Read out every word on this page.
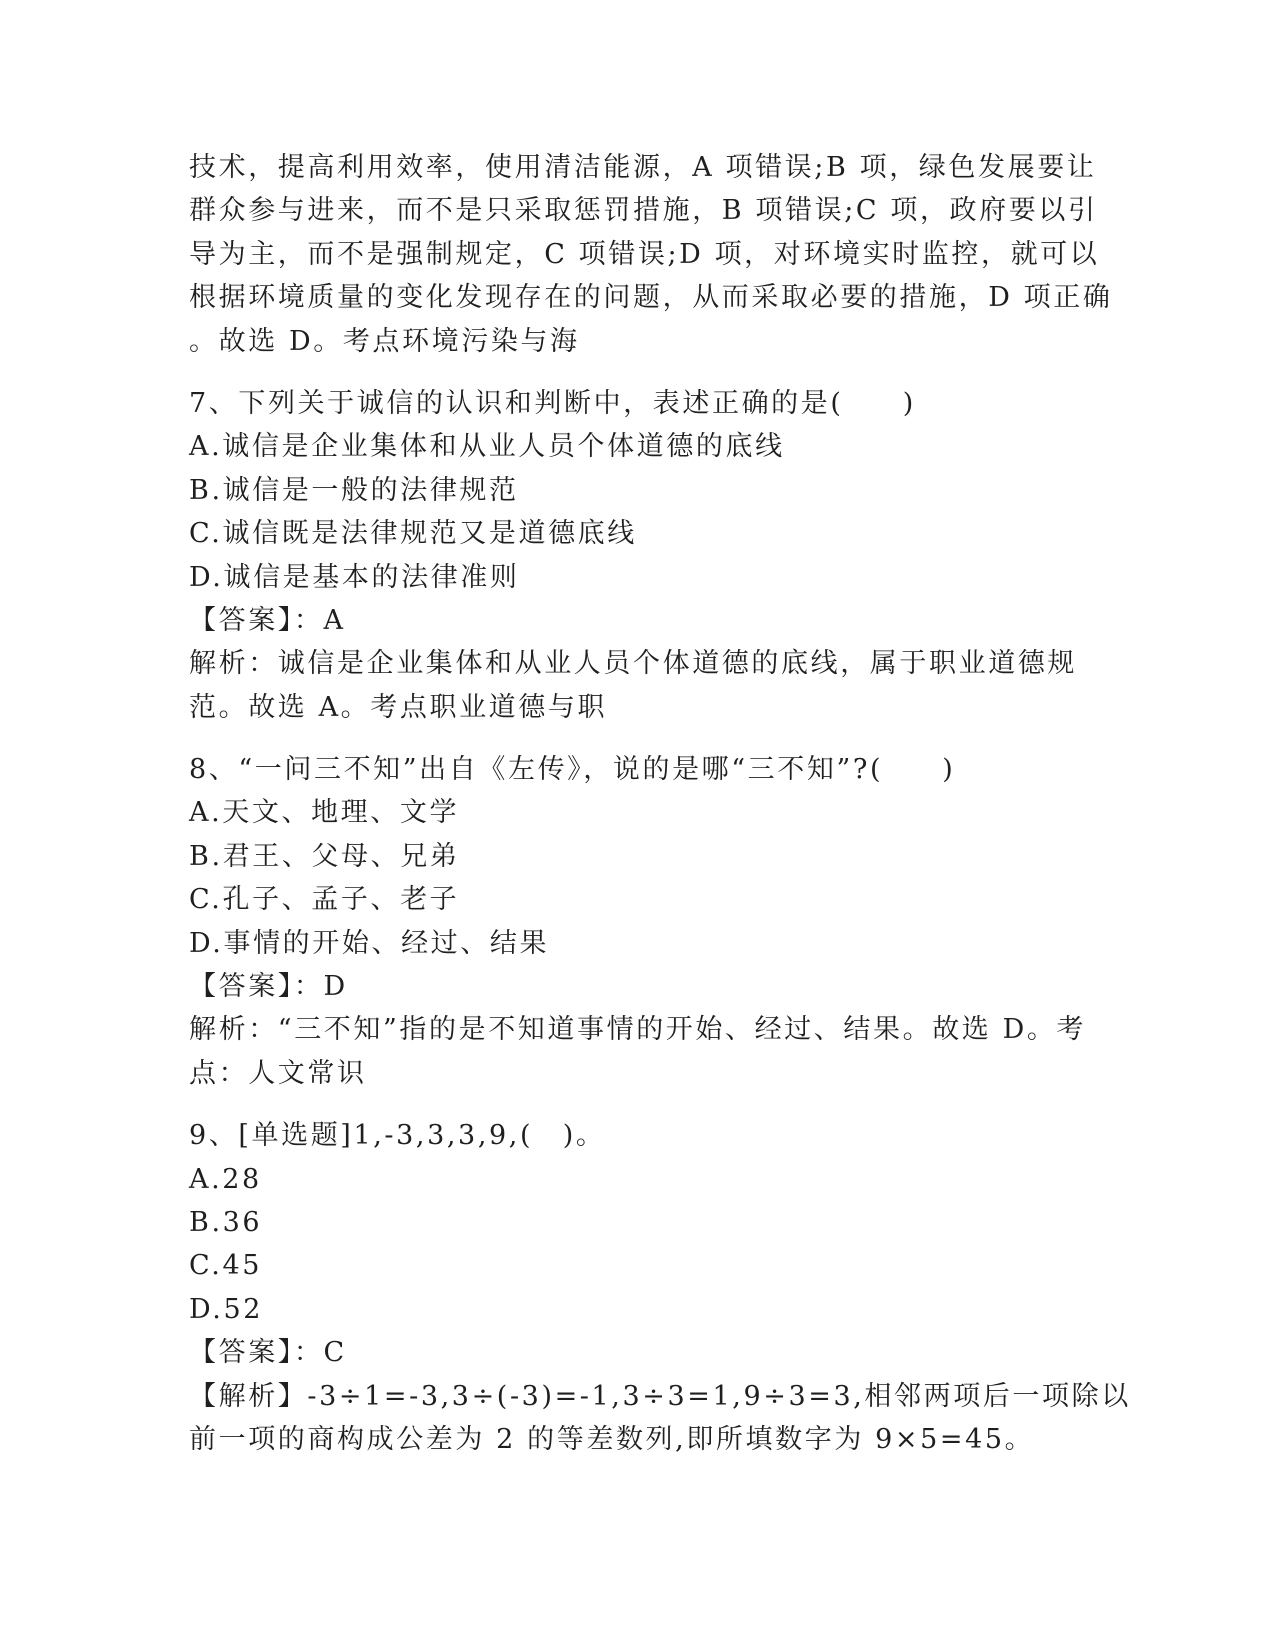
技术，提高利用效率，使用清洁能源，A 项错误;B 项，绿色发展要让
群众参与进来，而不是只采取惩罚措施，B 项错误;C 项，政府要以引
导为主，而不是强制规定，C 项错误;D 项，对环境实时监控，就可以
根据环境质量的变化发现存在的问题，从而采取必要的措施，D 项正确
。故选 D。考点环境污染与海
7、下列关于诚信的认识和判断中，表述正确的是(　　)
A.诚信是企业集体和从业人员个体道德的底线
B.诚信是一般的法律规范
C.诚信既是法律规范又是道德底线
D.诚信是基本的法律准则
【答案】：A
解析：诚信是企业集体和从业人员个体道德的底线，属于职业道德规
范。故选 A。考点职业道德与职
8、“一问三不知”出自《左传》，说的是哪“三不知”?(　　)
A.天文、地理、文学
B.君王、父母、兄弟
C.孔子、孟子、老子
D.事情的开始、经过、结果
【答案】：D
解析：“三不知”指的是不知道事情的开始、经过、结果。故选 D。考
点：人文常识
9、[单选题]1,-3,3,3,9,(　)。
A.28
B.36
C.45
D.52
【答案】：C
【解析】-3÷1=-3,3÷(-3)=-1,3÷3=1,9÷3=3,相邻两项后一项除以
前一项的商构成公差为 2 的等差数列,即所填数字为 9×5=45。
